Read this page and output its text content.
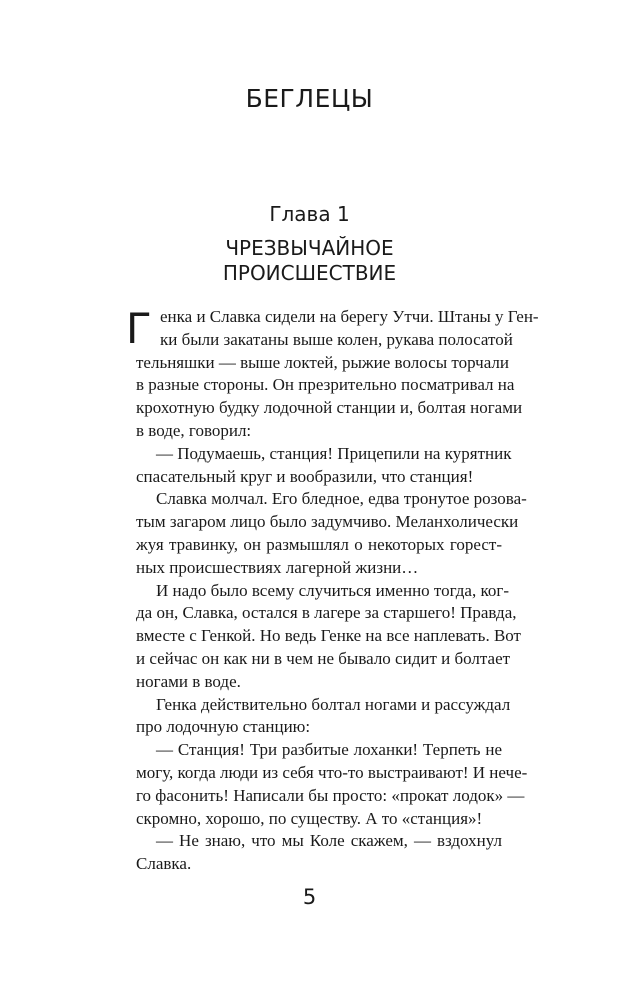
БЕГЛЕЦЫ
Глава 1
ЧРЕЗВЫЧАЙНОЕ
ПРОИСШЕСТВИЕ
Г енка и Славка сидели на берегу Утчи. Штаны у Ген-
ки были закатаны выше колен, рукава полосатой
тельняшки — выше локтей, рыжие волосы торчали
в разные стороны. Он презрительно посматривал на
крохотную будку лодочной станции и, болтая ногами
в воде, говорил:
— Подумаешь, станция! Прицепили на курятник
спасательный круг и вообразили, что станция!
Славка молчал. Его бледное, едва тронутое розова-
тым загаром лицо было задумчиво. Меланхолически
жуя травинку, он размышлял о некоторых горест-
ных происшествиях лагерной жизни…
И надо было всему случиться именно тогда, ког-
да он, Славка, остался в лагере за старшего! Правда,
вместе с Генкой. Но ведь Генке на все наплевать. Вот
и сейчас он как ни в чем не бывало сидит и болтает
ногами в воде.
Генка действительно болтал ногами и рассуждал
про лодочную станцию:
— Станция! Три разбитые лоханки! Терпеть не
могу, когда люди из себя что-то выстраивают! И нече-
го фасонить! Написали бы просто: «прокат лодок» —
скромно, хорошо, по существу. А то «станция»!
— Не знаю, что мы Коле скажем, — вздохнул
Славка.
5
